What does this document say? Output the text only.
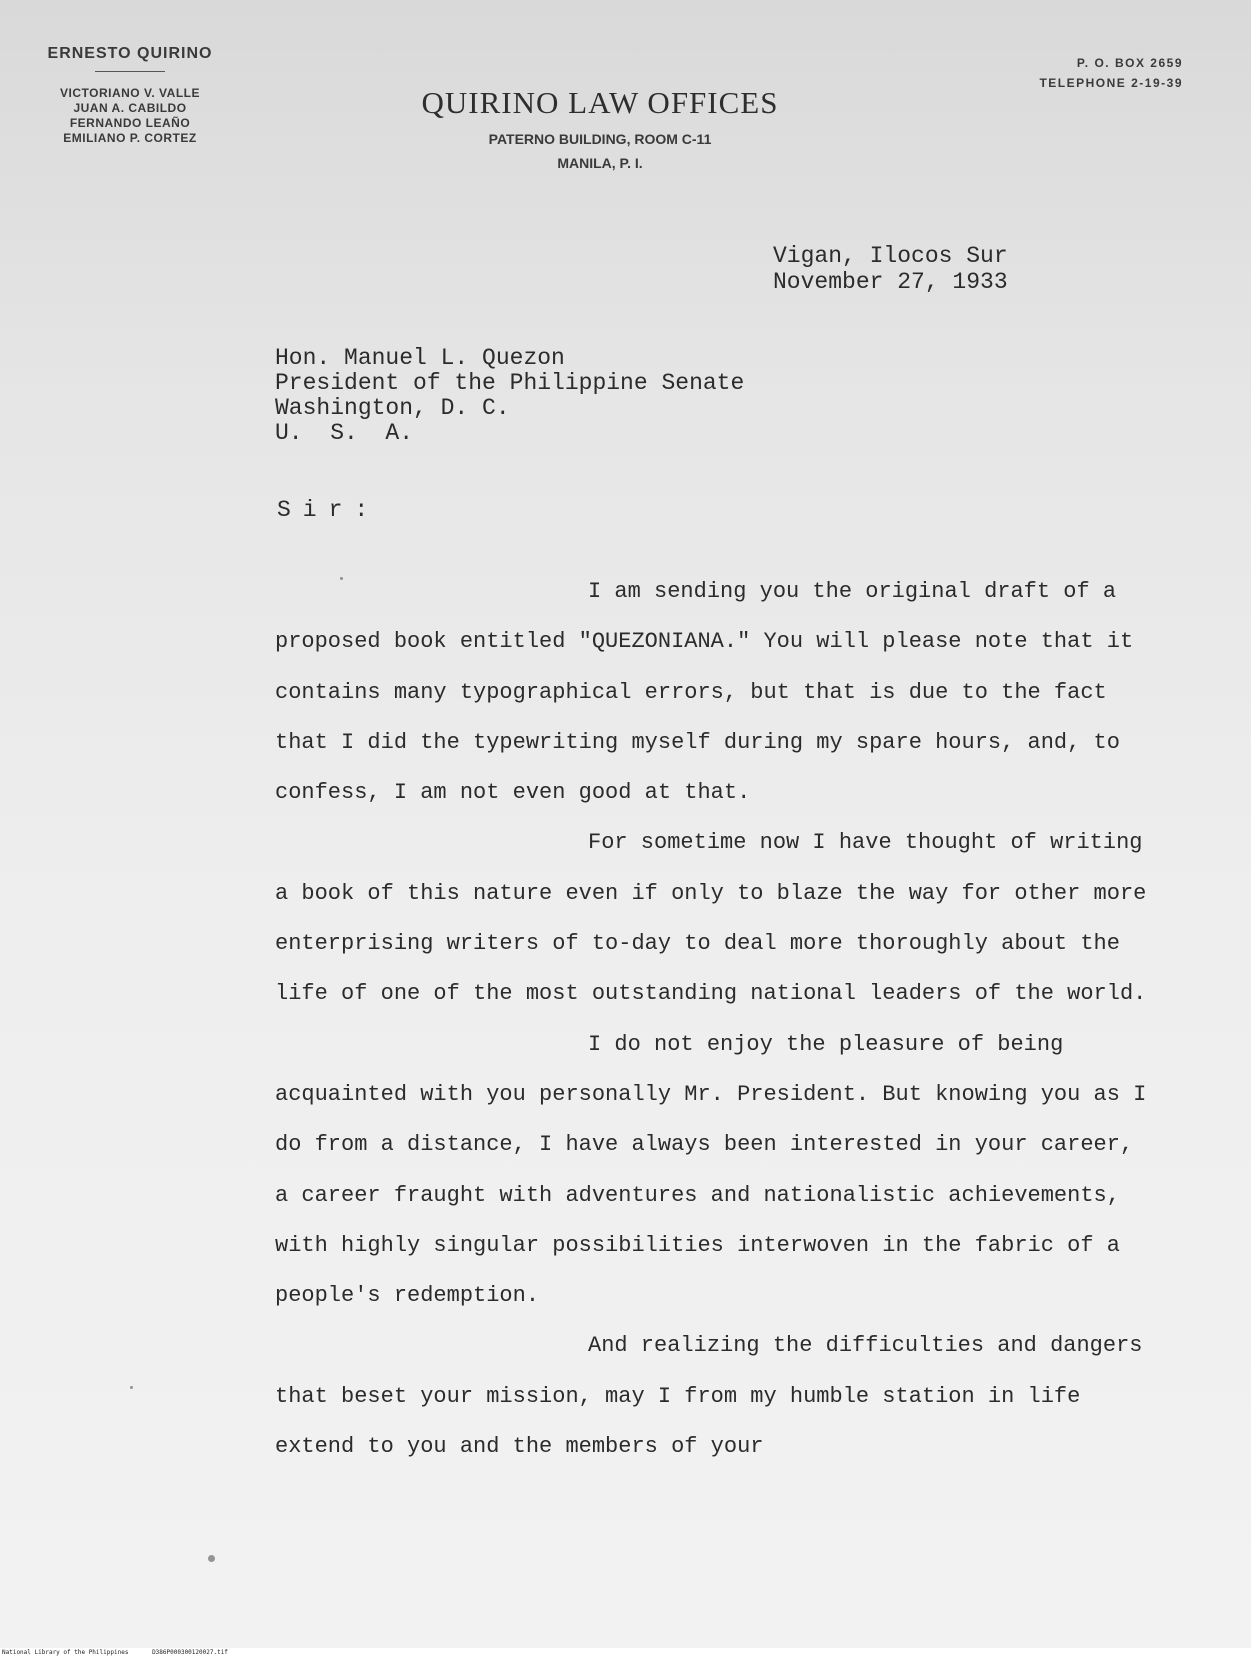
ERNESTO QUIRINO
VICTORIANO V. VALLE
JUAN A. CABILDO
FERNANDO LEAÑO
EMILIANO P. CORTEZ
QUIRINO LAW OFFICES
PATERNO BUILDING, ROOM C-11
MANILA, P. I.
P. O. BOX 2659
TELEPHONE 2-19-39
Vigan, Ilocos Sur
November 27, 1933
Hon. Manuel L. Quezon
President of the Philippine Senate
Washington, D. C.
U.  S.  A.
Sir:

I am sending you the original draft of a proposed book entitled "QUEZONIANA." You will please note that it contains many typographical errors, but that is due to the fact that I did the typewriting myself during my spare hours, and, to confess, I am not even good at that.

For sometime now I have thought of writing a book of this nature even if only to blaze the way for other more enterprising writers of to-day to deal more thoroughly about the life of one of the most outstanding national leaders of the world.

I do not enjoy the pleasure of being acquainted with you personally Mr. President. But knowing you as I do from a distance, I have always been interested in your career, a career fraught with adventures and nationalistic achievements, with highly singular possibilities interwoven in the fabric of a people's redemption.

And realizing the difficulties and dangers that beset your mission, may I from my humble station in life extend to you and the members of your

National Library of the Philippines	D386P000300120027.tif
